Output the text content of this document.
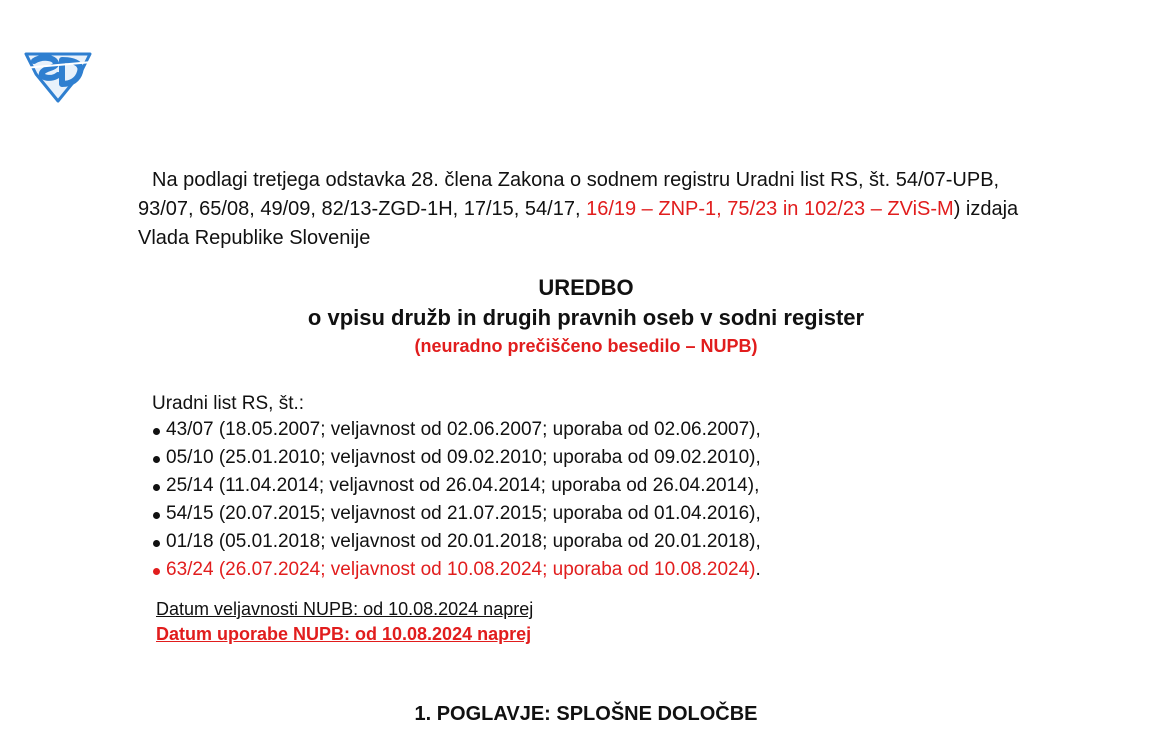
Na podlagi tretjega odstavka 28. člena Zakona o sodnem registru Uradni list RS, št. 54/07-UPB, 93/07, 65/08, 49/09, 82/13-ZGD-1H, 17/15, 54/17, 16/19 – ZNP-1, 75/23 in 102/23 – ZViS-M) izdaja Vlada Republike Slovenije
UREDBO
o vpisu družb in drugih pravnih oseb v sodni register
(neuradno prečiščeno besedilo – NUPB)
Uradni list RS, št.:
43/07 (18.05.2007; veljavnost od 02.06.2007; uporaba od 02.06.2007),
05/10 (25.01.2010; veljavnost od 09.02.2010; uporaba od 09.02.2010),
25/14 (11.04.2014; veljavnost od 26.04.2014; uporaba od 26.04.2014),
54/15 (20.07.2015; veljavnost od 21.07.2015; uporaba od 01.04.2016),
01/18 (05.01.2018; veljavnost od 20.01.2018; uporaba od 20.01.2018),
63/24 (26.07.2024; veljavnost od 10.08.2024; uporaba od 10.08.2024).
Datum veljavnosti NUPB: od 10.08.2024 naprej
Datum uporabe NUPB: od 10.08.2024 naprej
1. POGLAVJE: SPLOŠNE DOLOČBE
